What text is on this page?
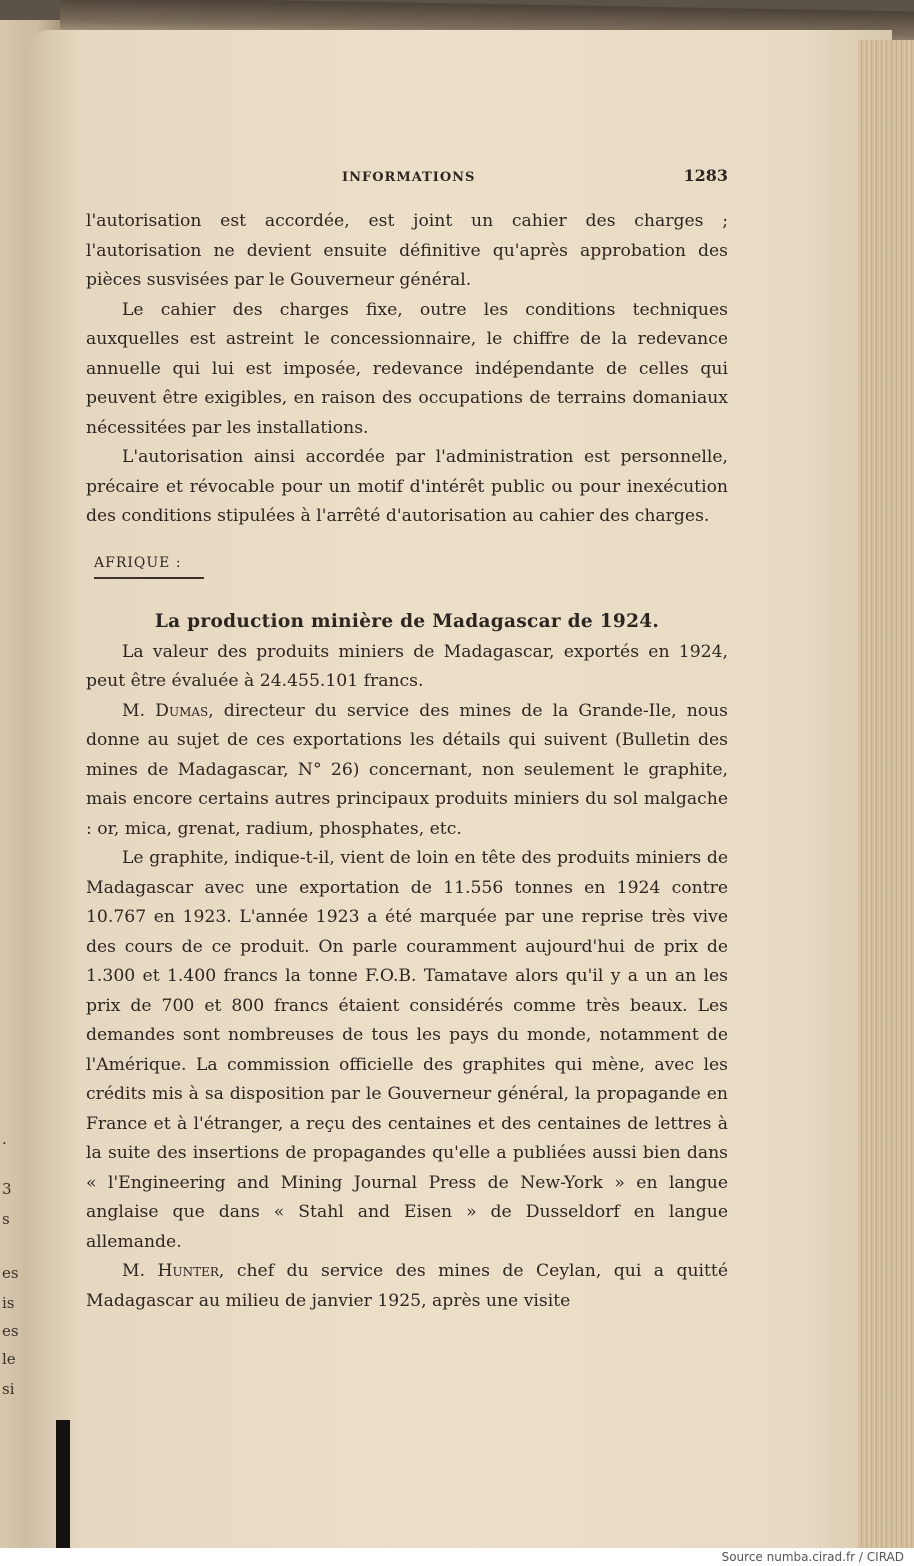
.
3
s
es
is
es
le
si
INFORMATIONS	1283

l'autorisation est accordée, est joint un cahier des charges ; l'autorisation ne devient ensuite définitive qu'après approbation des pièces susvisées par le Gouverneur général.

Le cahier des charges fixe, outre les conditions techniques auxquelles est astreint le concessionnaire, le chiffre de la redevance annuelle qui lui est imposée, redevance indépendante de celles qui peuvent être exigibles, en raison des occupations de terrains domaniaux nécessitées par les installations.

L'autorisation ainsi accordée par l'administration est personnelle, précaire et révocable pour un motif d'intérêt public ou pour inexécution des conditions stipulées à l'arrêté d'autorisation au cahier des charges.

AFRIQUE :
La production minière de Madagascar de 1924.

La valeur des produits miniers de Madagascar, exportés en 1924, peut être évaluée à 24.455.101 francs.

M. Dumas, directeur du service des mines de la Grande-Ile, nous donne au sujet de ces exportations les détails qui suivent (Bulletin des mines de Madagascar, N° 26) concernant, non seulement le graphite, mais encore certains autres principaux produits miniers du sol malgache : or, mica, grenat, radium, phosphates, etc.

Le graphite, indique-t-il, vient de loin en tête des produits miniers de Madagascar avec une exportation de 11.556 tonnes en 1924 contre 10.767 en 1923. L'année 1923 a été marquée par une reprise très vive des cours de ce produit. On parle couramment aujourd'hui de prix de 1.300 et 1.400 francs la tonne F.O.B. Tamatave alors qu'il y a un an les prix de 700 et 800 francs étaient considérés comme très beaux. Les demandes sont nombreuses de tous les pays du monde, notamment de l'Amérique. La commission officielle des graphites qui mène, avec les crédits mis à sa disposition par le Gouverneur général, la propagande en France et à l'étranger, a reçu des centaines et des centaines de lettres à la suite des insertions de propagandes qu'elle a publiées aussi bien dans « l'Engineering and Mining Journal Press de New-York » en langue anglaise que dans « Stahl and Eisen » de Dusseldorf en langue allemande.

M. Hunter, chef du service des mines de Ceylan, qui a quitté Madagascar au milieu de janvier 1925, après une visite

Source numba.cirad.fr / CIRAD
